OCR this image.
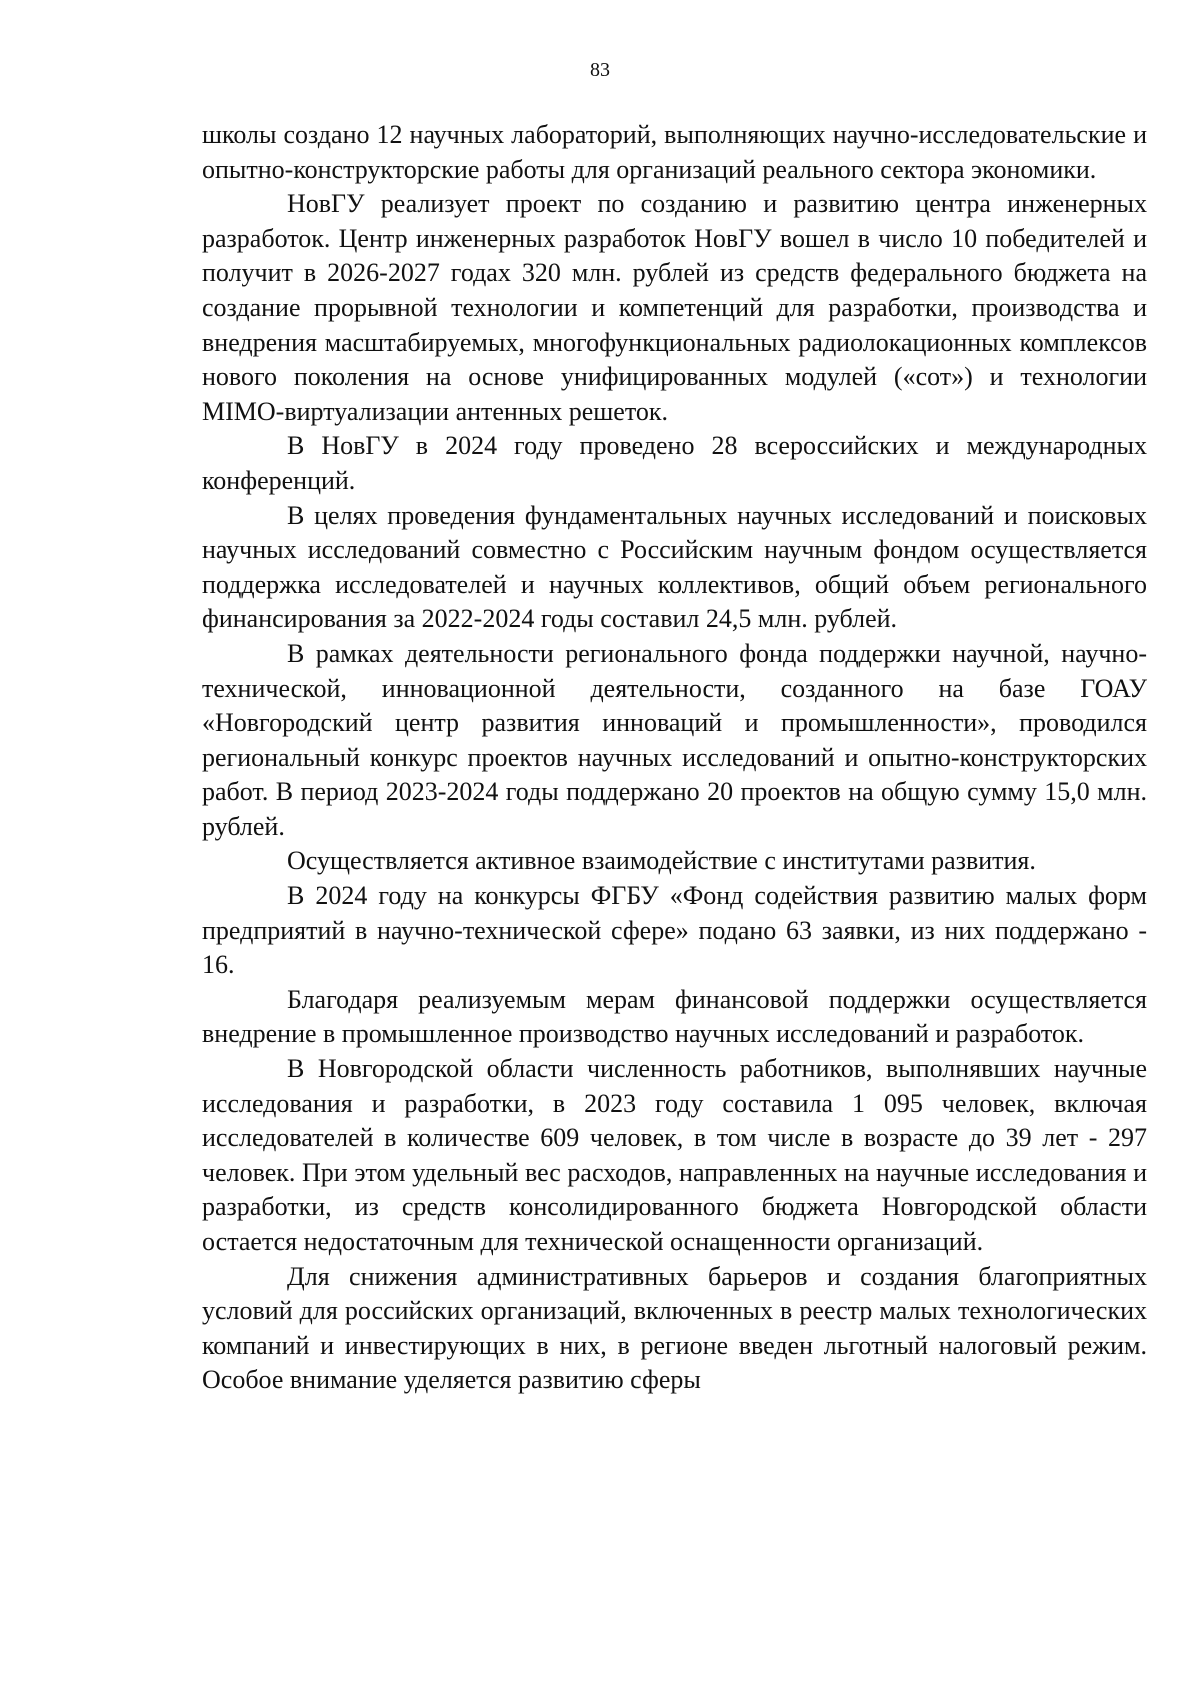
83

школы создано 12 научных лабораторий, выполняющих научно-исследовательские и опытно-конструкторские работы для организаций реального сектора экономики.

НовГУ реализует проект по созданию и развитию центра инженерных разработок. Центр инженерных разработок НовГУ вошел в число 10 победителей и получит в 2026-2027 годах 320 млн. рублей из средств федерального бюджета на создание прорывной технологии и компетенций для разработки, производства и внедрения масштабируемых, многофункциональных радиолокационных комплексов нового поколения на основе унифицированных модулей («сот») и технологии MIMO-виртуализации антенных решеток.

В НовГУ в 2024 году проведено 28 всероссийских и международных конференций.

В целях проведения фундаментальных научных исследований и поисковых научных исследований совместно с Российским научным фондом осуществляется поддержка исследователей и научных коллективов, общий объем регионального финансирования за 2022-2024 годы составил 24,5 млн. рублей.

В рамках деятельности регионального фонда поддержки научной, научно-технической, инновационной деятельности, созданного на базе ГОАУ «Новгородский центр развития инноваций и промышленности», проводился региональный конкурс проектов научных исследований и опытно-конструкторских работ. В период 2023-2024 годы поддержано 20 проектов на общую сумму 15,0 млн. рублей.

Осуществляется активное взаимодействие с институтами развития.

В 2024 году на конкурсы ФГБУ «Фонд содействия развитию малых форм предприятий в научно-технической сфере» подано 63 заявки, из них поддержано - 16.

Благодаря реализуемым мерам финансовой поддержки осуществляется внедрение в промышленное производство научных исследований и разработок.

В Новгородской области численность работников, выполнявших научные исследования и разработки, в 2023 году составила 1 095 человек, включая исследователей в количестве 609 человек, в том числе в возрасте до 39 лет - 297 человек. При этом удельный вес расходов, направленных на научные исследования и разработки, из средств консолидированного бюджета Новгородской области остается недостаточным для технической оснащенности организаций.

Для снижения административных барьеров и создания благоприятных условий для российских организаций, включенных в реестр малых технологических компаний и инвестирующих в них, в регионе введен льготный налоговый режим. Особое внимание уделяется развитию сферы
